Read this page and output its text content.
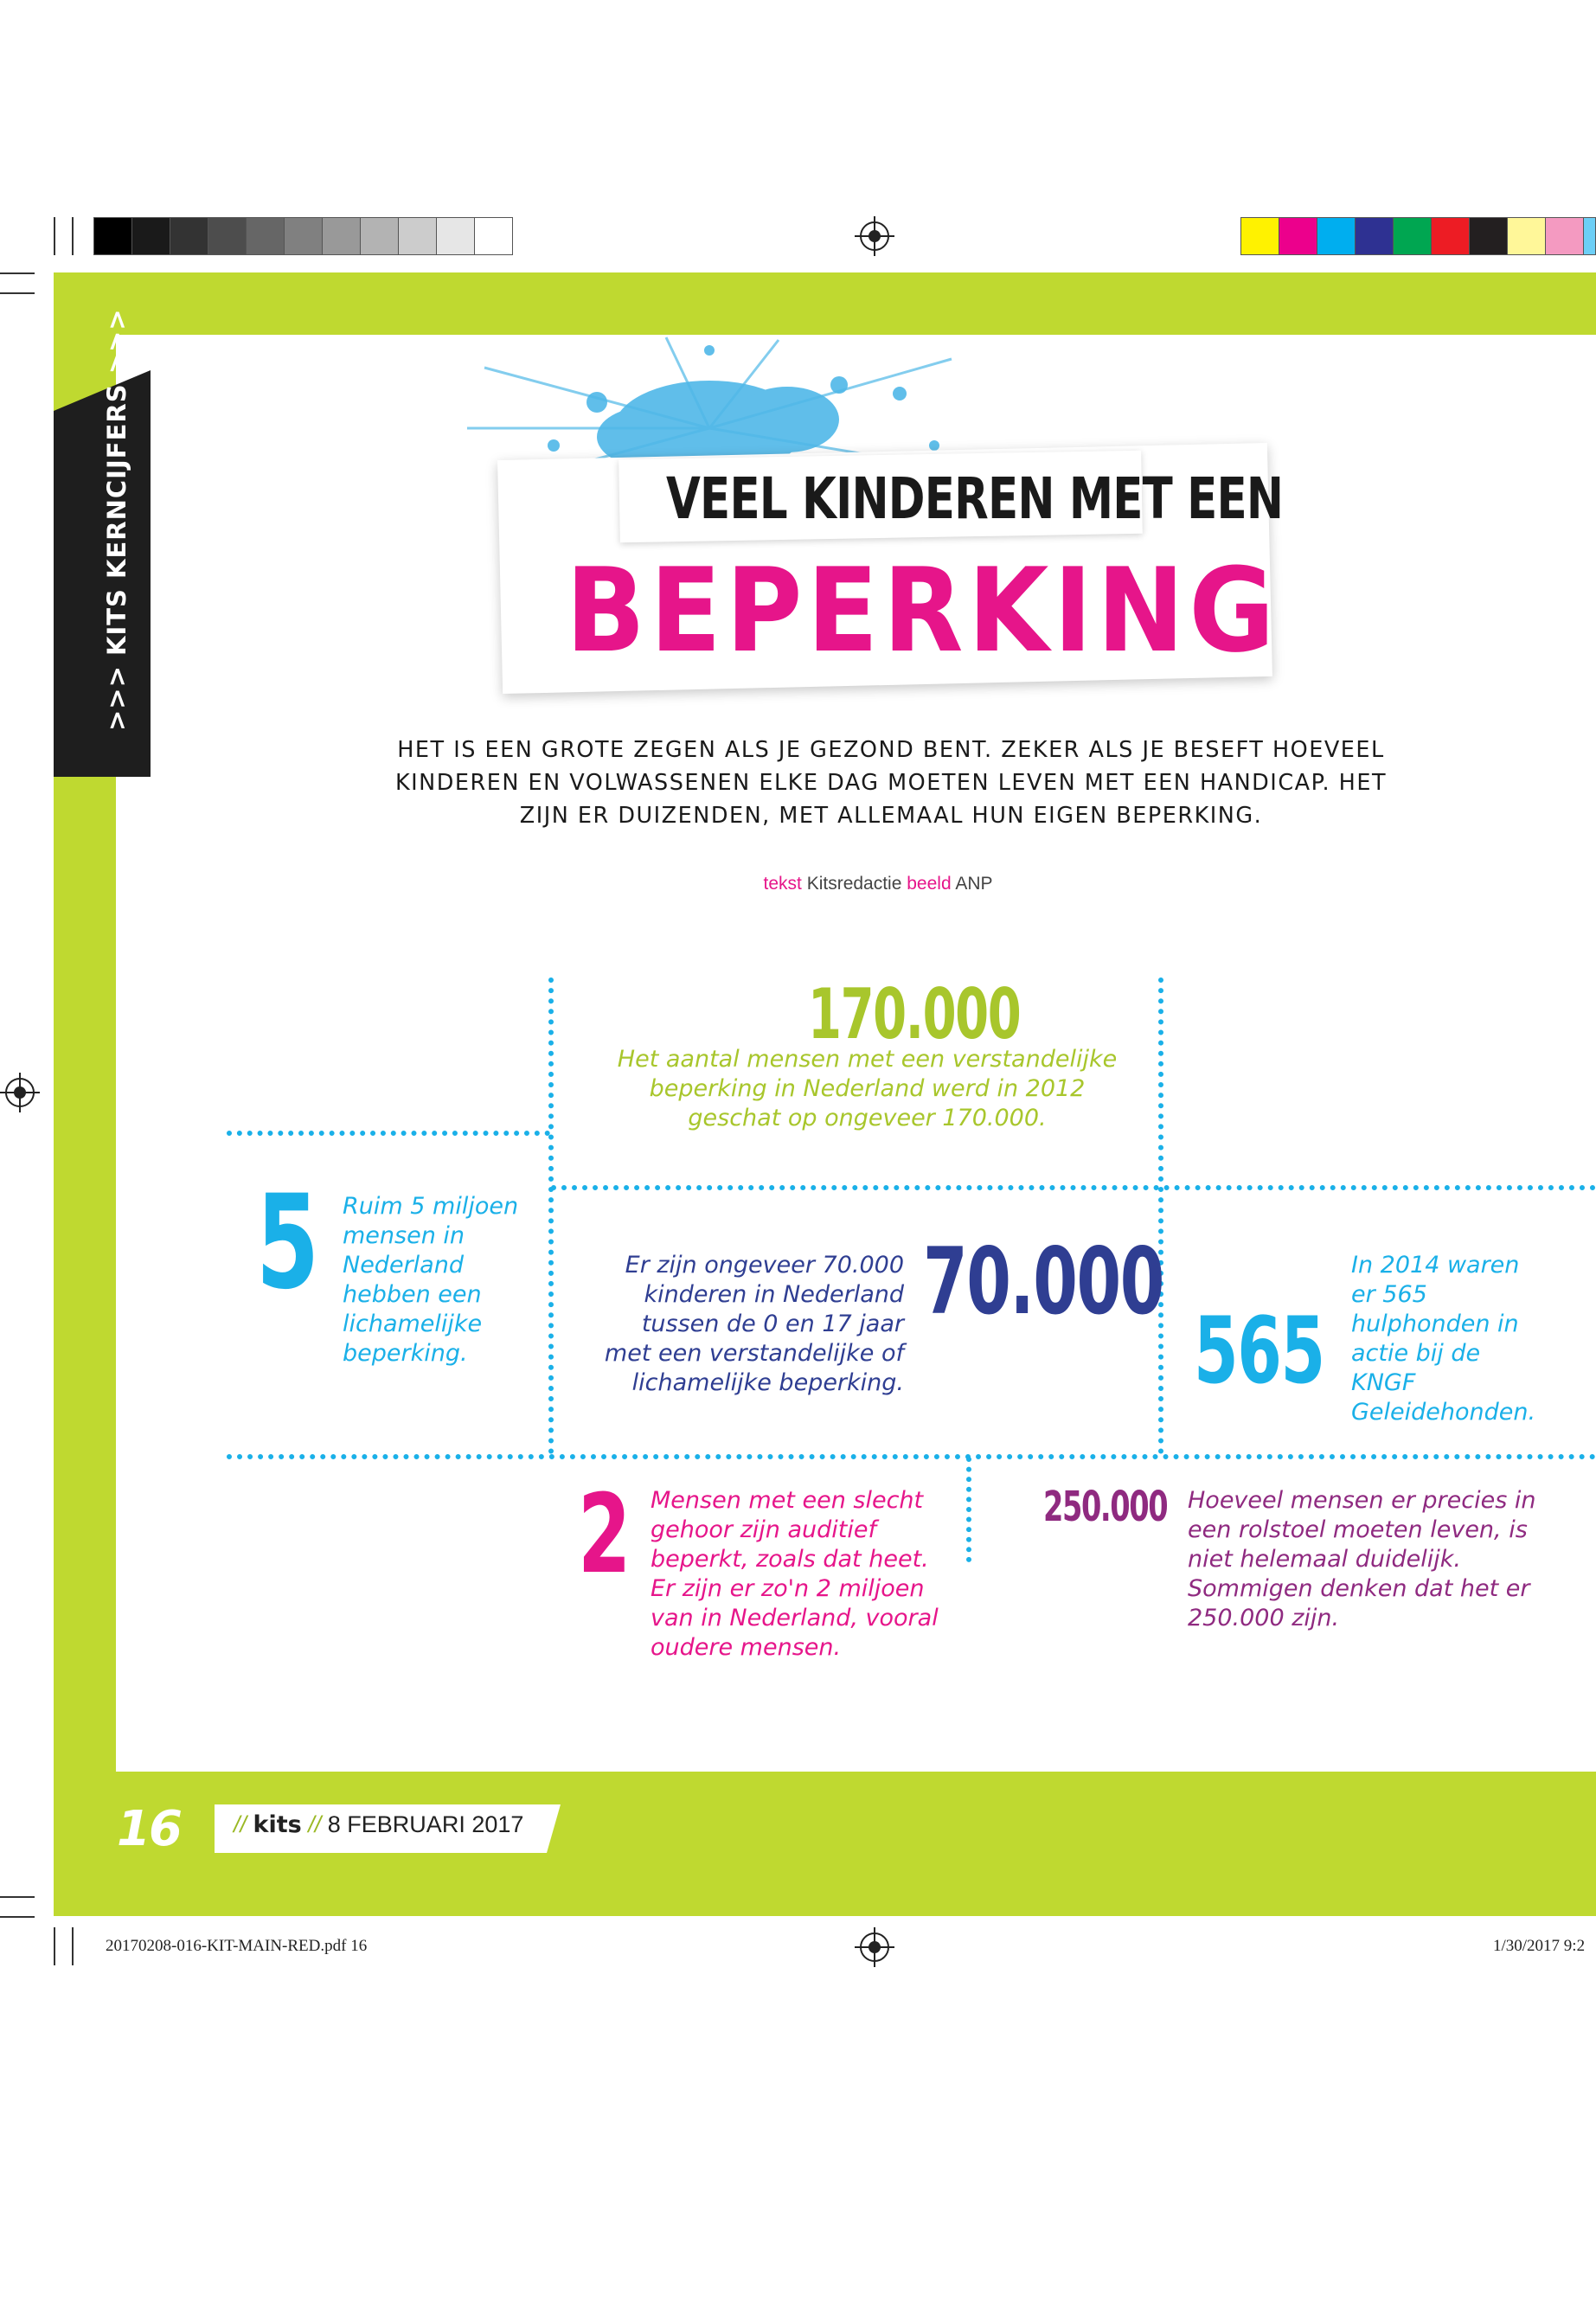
>>> KITS KERNCIJFERS >>>	VEEL KINDEREN MET EEN
BEPERKING
HET IS EEN GROTE ZEGEN ALS JE GEZOND BENT. ZEKER ALS JE BESEFT HOEVEEL KINDEREN EN VOLWASSENEN ELKE DAG MOETEN LEVEN MET EEN HANDICAP. HET ZIJN ER DUIZENDEN, MET ALLEMAAL HUN EIGEN BEPERKING.
tekst Kitsredactie beeld ANP
170.000
Het aantal mensen met een verstandelijke beperking in Nederland werd in 2012 geschat op ongeveer 170.000.
5 Ruim 5 miljoen mensen in Nederland hebben een lichamelijke beperking.
Er zijn ongeveer 70.000 kinderen in Nederland tussen de 0 en 17 jaar met een verstandelijke of lichamelijke beperking.
70.000
565
In 2014 waren er 565 hulphonden in actie bij de KNGF Geleidehonden.
2 Mensen met een slecht gehoor zijn auditief beperkt, zoals dat heet. Er zijn er zo'n 2 miljoen van in Nederland, vooral oudere mensen.
250.000 Hoeveel mensen er precies in een rolstoel moeten leven, is niet helemaal duidelijk. Sommigen denken dat het er 250.000 zijn.
16 // kits // 8 FEBRUARI 2017
20170208-016-KIT-MAIN-RED.pdf 16	1/30/2017 9:2
